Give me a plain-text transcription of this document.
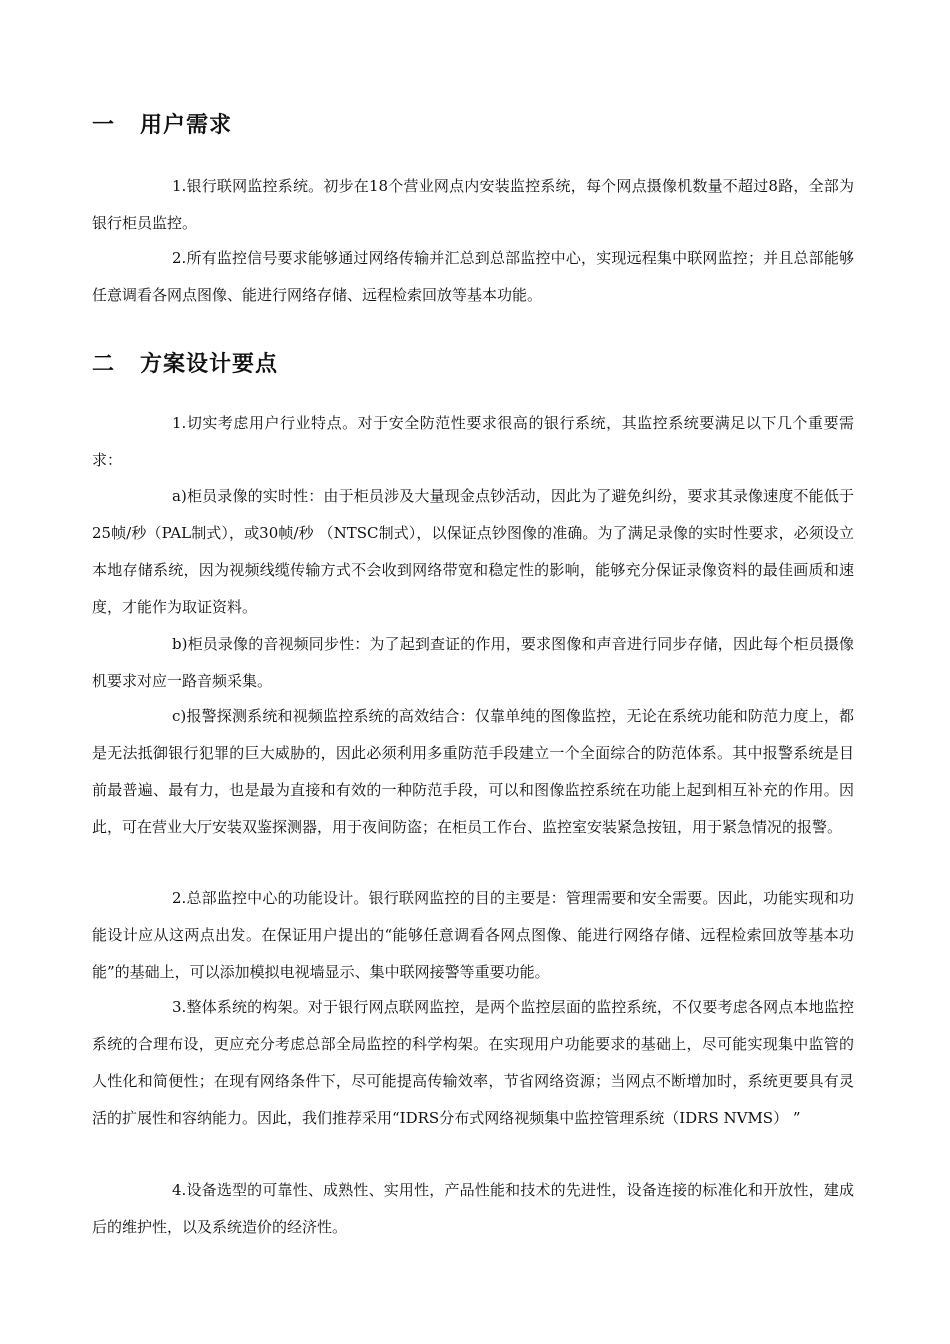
一 用户需求

1.银行联网监控系统。初步在18个营业网点内安装监控系统，每个网点摄像机数量不超过8路，全部为银行柜员监控。

2.所有监控信号要求能够通过网络传输并汇总到总部监控中心，实现远程集中联网监控；并且总部能够任意调看各网点图像、能进行网络存储、远程检索回放等基本功能。

二 方案设计要点

1.切实考虑用户行业特点。对于安全防范性要求很高的银行系统，其监控系统要满足以下几个重要需求：

a)柜员录像的实时性：由于柜员涉及大量现金点钞活动，因此为了避免纠纷，要求其录像速度不能低于25帧/秒（PAL制式），或30帧/秒 （NTSC制式），以保证点钞图像的准确。为了满足录像的实时性要求，必须设立本地存储系统，因为视频线缆传输方式不会收到网络带宽和稳定性的影响，能够充分保证录像资料的最佳画质和速度，才能作为取证资料。

b)柜员录像的音视频同步性：为了起到查证的作用，要求图像和声音进行同步存储，因此每个柜员摄像机要求对应一路音频采集。

c)报警探测系统和视频监控系统的高效结合：仅靠单纯的图像监控，无论在系统功能和防范力度上，都是无法抵御银行犯罪的巨大威胁的，因此必须利用多重防范手段建立一个全面综合的防范体系。其中报警系统是目前最普遍、最有力，也是最为直接和有效的一种防范手段，可以和图像监控系统在功能上起到相互补充的作用。因此，可在营业大厅安装双鉴探测器，用于夜间防盗；在柜员工作台、监控室安装紧急按钮，用于紧急情况的报警。

2.总部监控中心的功能设计。银行联网监控的目的主要是：管理需要和安全需要。因此，功能实现和功能设计应从这两点出发。在保证用户提出的“能够任意调看各网点图像、能进行网络存储、远程检索回放等基本功能”的基础上，可以添加模拟电视墙显示、集中联网接警等重要功能。

3.整体系统的构架。对于银行网点联网监控，是两个监控层面的监控系统，不仅要考虑各网点本地监控系统的合理布设，更应充分考虑总部全局监控的科学构架。在实现用户功能要求的基础上，尽可能实现集中监管的人性化和简便性；在现有网络条件下，尽可能提高传输效率，节省网络资源；当网点不断增加时，系统更要具有灵活的扩展性和容纳能力。因此，我们推荐采用“IDRS分布式网络视频集中监控管理系统（IDRS NVMS） ”

4.设备选型的可靠性、成熟性、实用性，产品性能和技术的先进性，设备连接的标准化和开放性，建成后的维护性，以及系统造价的经济性。
